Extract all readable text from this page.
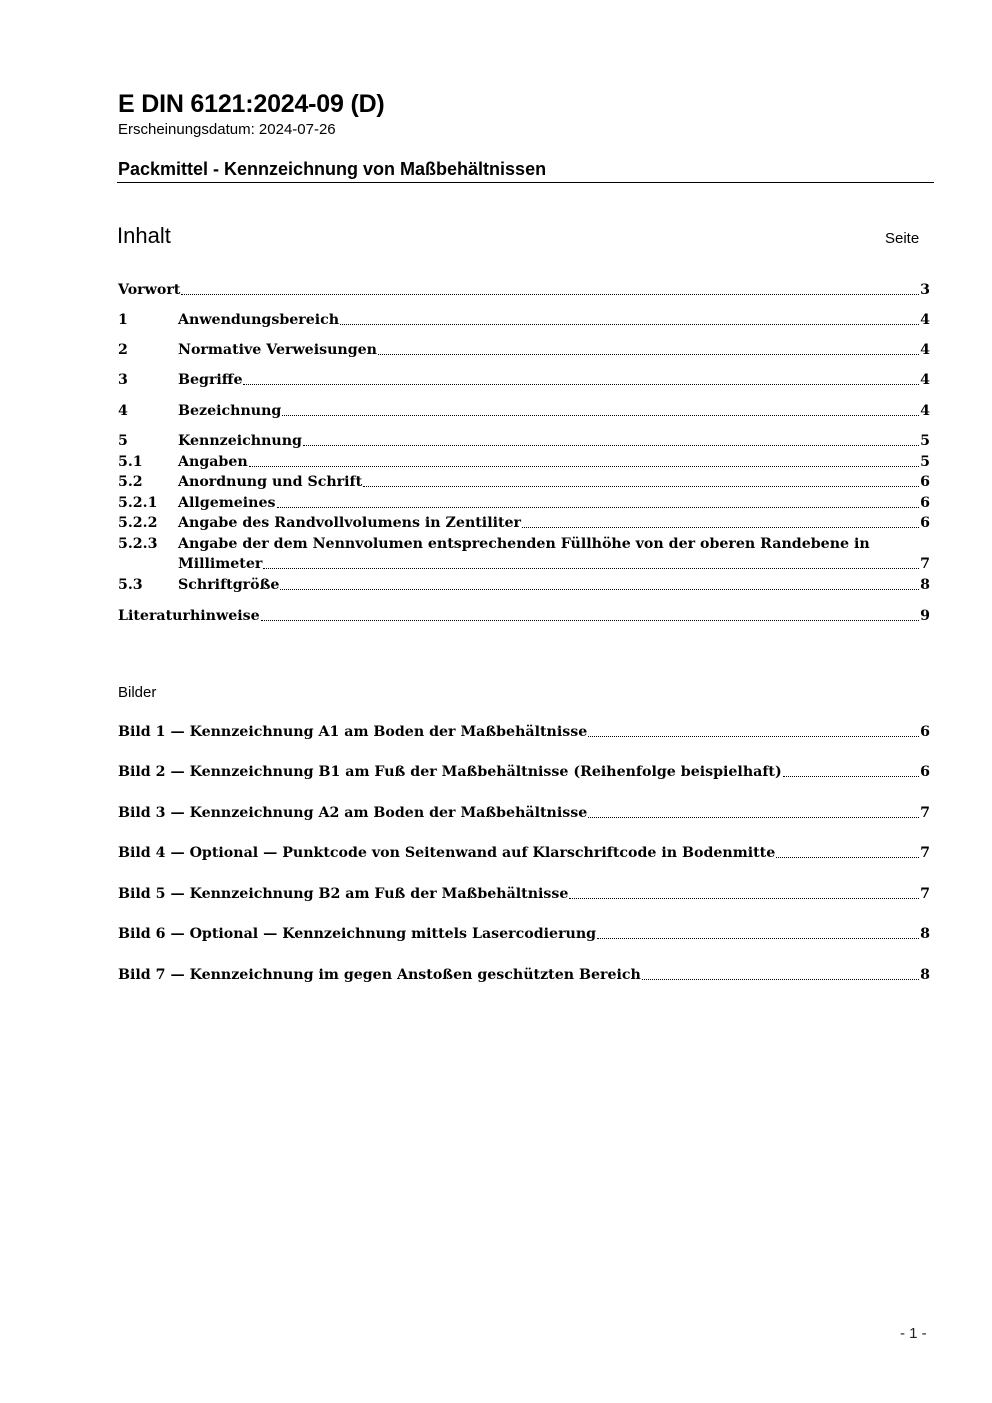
E DIN 6121:2024-09 (D)
Erscheinungsdatum: 2024-07-26
Packmittel - Kennzeichnung von Maßbehältnissen
Inhalt	Seite
Vorwort	3
1	Anwendungsbereich	4
2	Normative Verweisungen	4
3	Begriffe	4
4	Bezeichnung	4
5	Kennzeichnung	5
5.1	Angaben	5
5.2	Anordnung und Schrift	6
5.2.1	Allgemeines	6
5.2.2	Angabe des Randvollvolumens in Zentiliter	6
5.2.3	Angabe der dem Nennvolumen entsprechenden Füllhöhe von der oberen Randebene in
Millimeter	7
5.3	Schriftgröße	8
Literaturhinweise	9
Bilder
Bild 1 — Kennzeichnung A1 am Boden der Maßbehältnisse	6
Bild 2 — Kennzeichnung B1 am Fuß der Maßbehältnisse (Reihenfolge beispielhaft)	6
Bild 3 — Kennzeichnung A2 am Boden der Maßbehältnisse	7
Bild 4 — Optional — Punktcode von Seitenwand auf Klarschriftcode in Bodenmitte	7
Bild 5 — Kennzeichnung B2 am Fuß der Maßbehältnisse	7
Bild 6 — Optional — Kennzeichnung mittels Lasercodierung	8
Bild 7 — Kennzeichnung im gegen Anstoßen geschützten Bereich	8
- 1 -
